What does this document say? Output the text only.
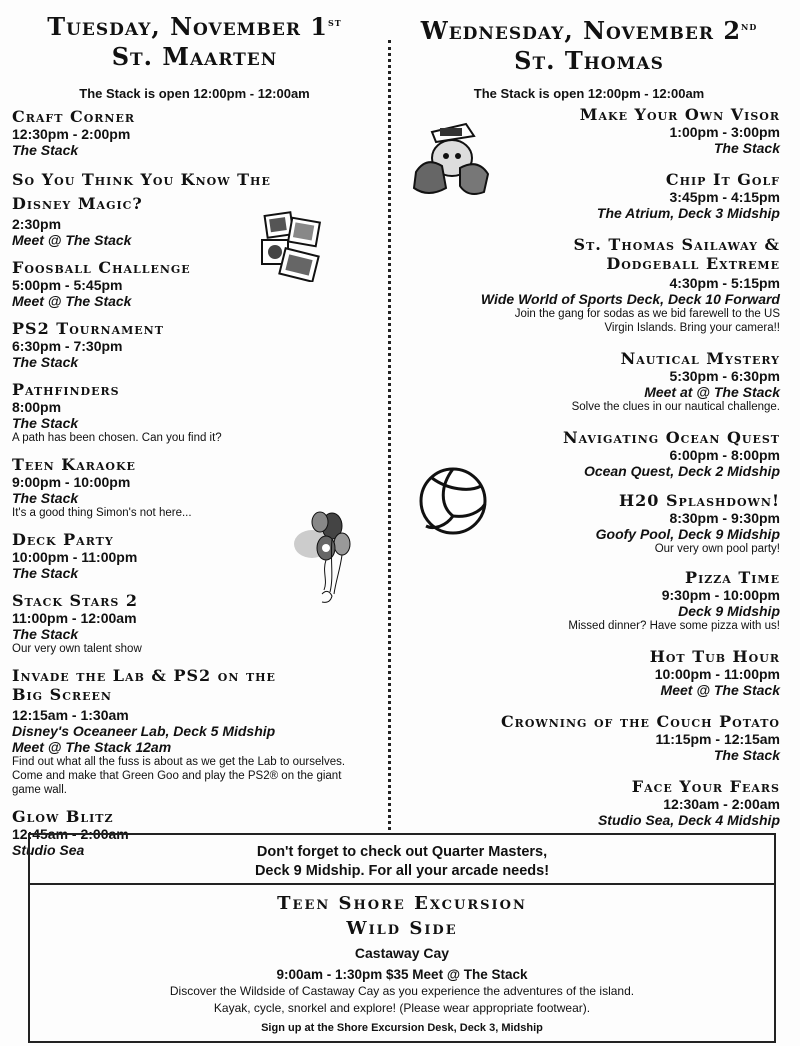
Tuesday, November 1st
St. Maarten
The Stack is open 12:00pm - 12:00am
Craft Corner
12:30pm - 2:00pm
The Stack
So You Think You Know The Disney Magic?
2:30pm
Meet @ The Stack
Foosball Challenge
5:00pm - 5:45pm
Meet @ The Stack
PS2 Tournament
6:30pm - 7:30pm
The Stack
Pathfinders
8:00pm
The Stack
A path has been chosen. Can you find it?
Teen Karaoke
9:00pm - 10:00pm
The Stack
It's a good thing Simon's not here...
Deck Party
10:00pm - 11:00pm
The Stack
Stack Stars 2
11:00pm - 12:00am
The Stack
Our very own talent show
Invade the Lab & PS2 on the Big Screen
12:15am - 1:30am
Disney's Oceaneer Lab, Deck 5 Midship
Meet @ The Stack 12am
Find out what all the fuss is about as we get the Lab to ourselves. Come and make that Green Goo and play the PS2® on the giant game wall.
Glow Blitz
12:45am - 2:00am
Studio Sea
Wednesday, November 2nd
St. Thomas
The Stack is open 12:00pm - 12:00am
Make Your Own Visor
1:00pm - 3:00pm
The Stack
Chip It Golf
3:45pm - 4:15pm
The Atrium, Deck 3 Midship
St. Thomas Sailaway & Dodgeball Extreme
4:30pm - 5:15pm
Wide World of Sports Deck, Deck 10 Forward
Join the gang for sodas as we bid farewell to the US Virgin Islands. Bring your camera!!
Nautical Mystery
5:30pm - 6:30pm
Meet at @ The Stack
Solve the clues in our nautical challenge.
Navigating Ocean Quest
6:00pm - 8:00pm
Ocean Quest, Deck 2 Midship
H20 Splashdown!
8:30pm - 9:30pm
Goofy Pool, Deck 9 Midship
Our very own pool party!
Pizza Time
9:30pm - 10:00pm
Deck 9 Midship
Missed dinner? Have some pizza with us!
Hot Tub Hour
10:00pm - 11:00pm
Meet @ The Stack
Crowning of the Couch Potato
11:15pm - 12:15am
The Stack
Face Your Fears
12:30am - 2:00am
Studio Sea, Deck 4 Midship
Don't forget to check out Quarter Masters,
Deck 9 Midship. For all your arcade needs!
Teen Shore Excursion
Wild Side
Castaway Cay
9:00am - 1:30pm $35 Meet @ The Stack
Discover the Wildside of Castaway Cay as you experience the adventures of the island.
Kayak, cycle, snorkel and explore! (Please wear appropriate footwear).
Sign up at the Shore Excursion Desk, Deck 3, Midship
